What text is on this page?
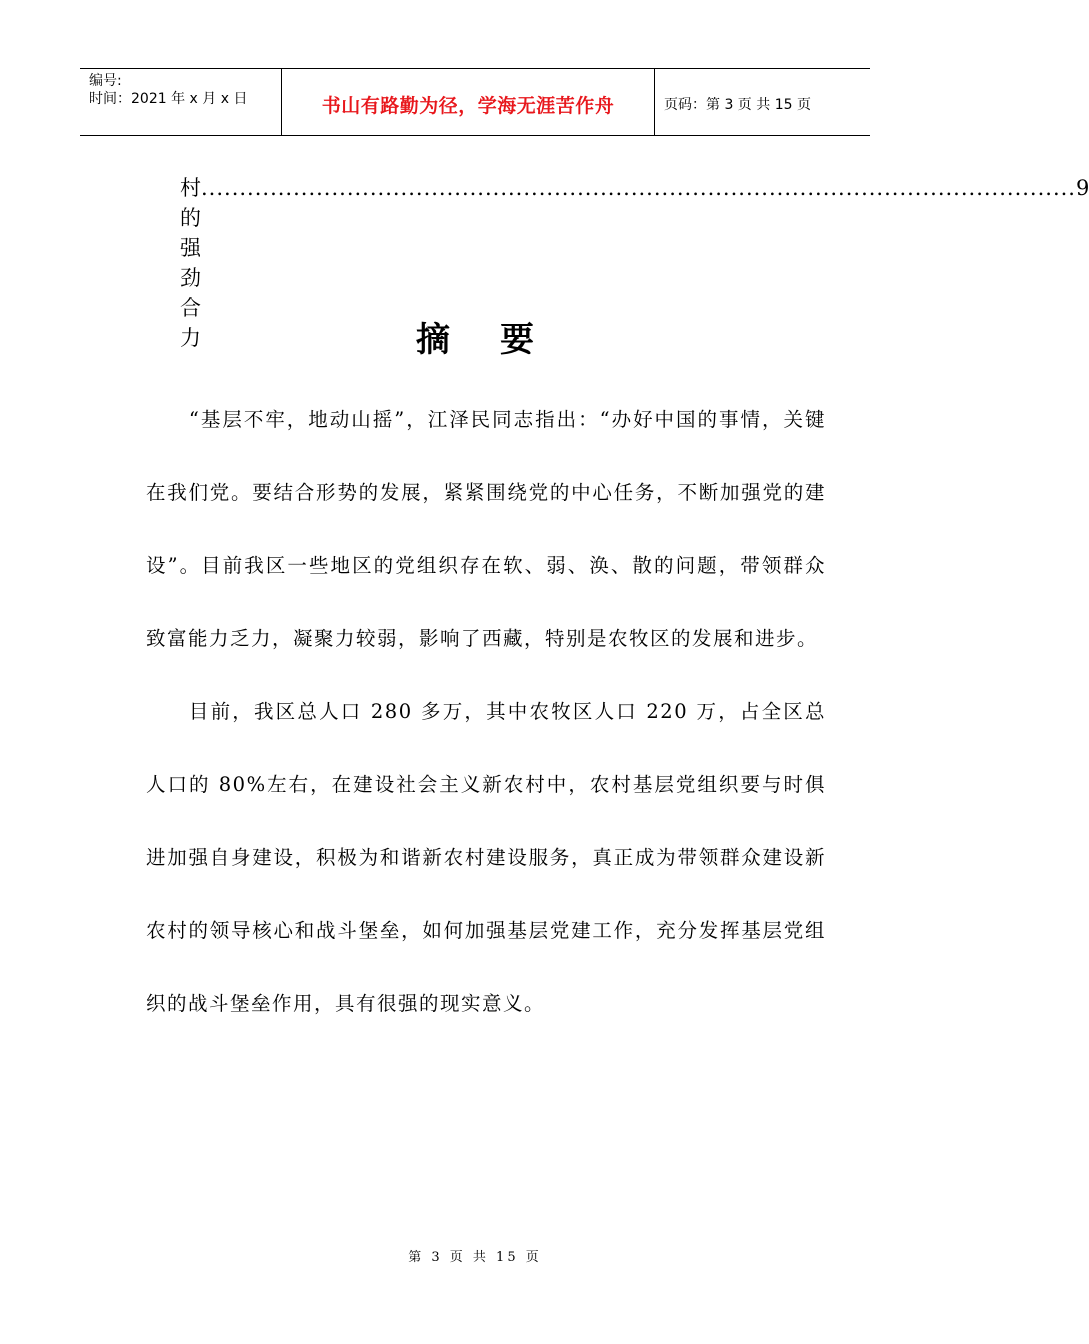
编号:
时间：2021 年 x 月 x 日	书山有路勤为径，学海无涯苦作舟	页码：第 3 页 共 15 页
村的强劲合力
.................................................................................................................. 9
摘要

“基层不牢，地动山摇”，江泽民同志指出：“办好中国的事情，关键在我们党。要结合形势的发展，紧紧围绕党的中心任务，不断加强党的建设”。目前我区一些地区的党组织存在软、弱、涣、散的问题，带领群众致富能力乏力，凝聚力较弱，影响了西藏，特别是农牧区的发展和进步。

目前，我区总人口 280 多万，其中农牧区人口 220 万，占全区总人口的 80%左右，在建设社会主义新农村中，农村基层党组织要与时俱进加强自身建设，积极为和谐新农村建设服务，真正成为带领群众建设新农村的领导核心和战斗堡垒，如何加强基层党建工作，充分发挥基层党组织的战斗堡垒作用，具有很强的现实意义。

第 3 页 共 15 页
